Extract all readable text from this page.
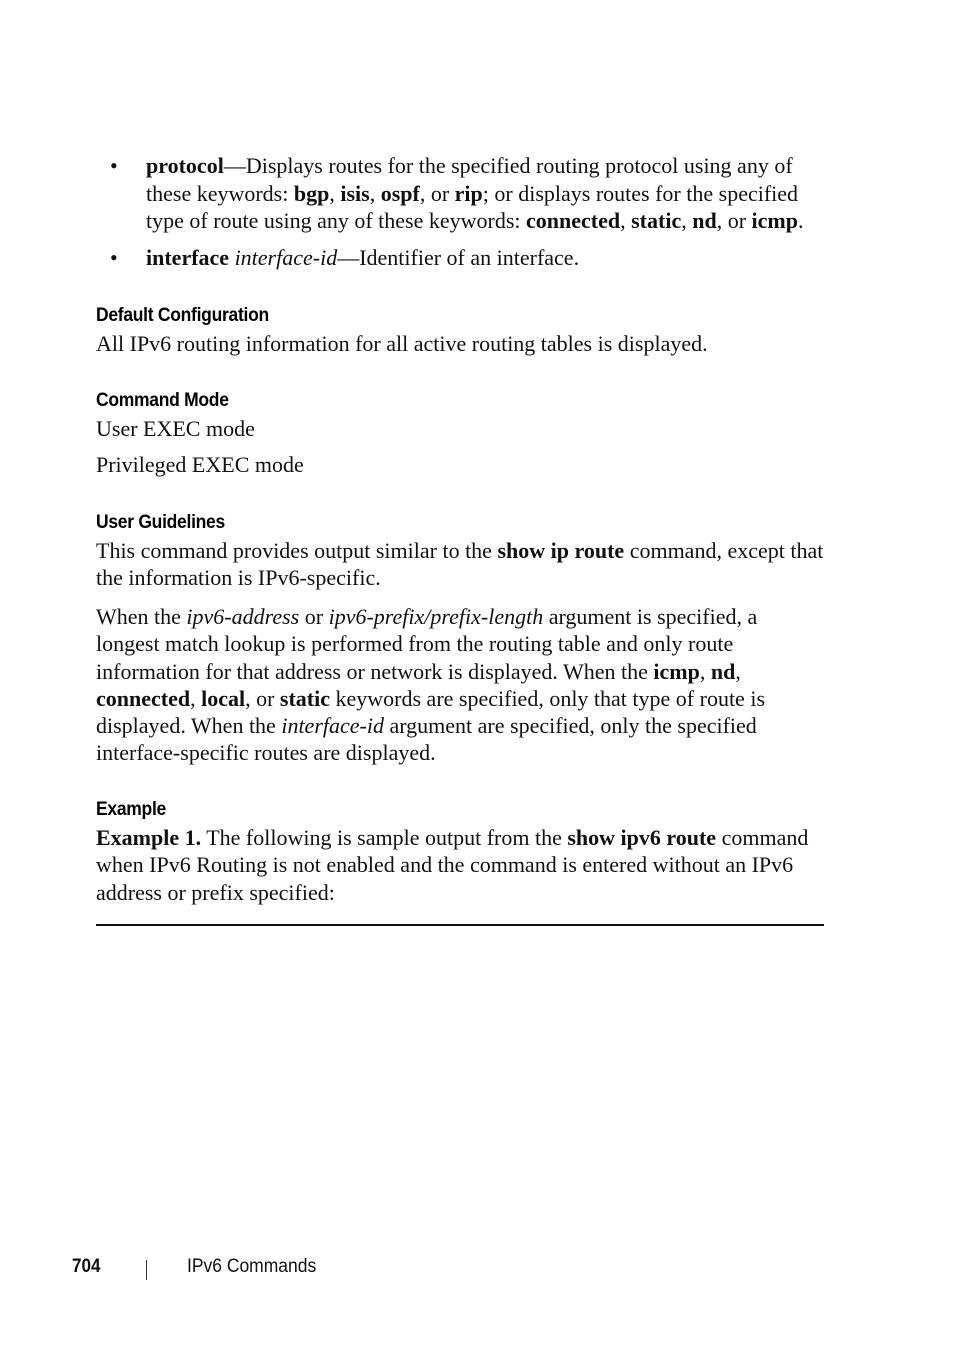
• protocol—Displays routes for the specified routing protocol using any of these keywords: bgp, isis, ospf, or rip; or displays routes for the specified type of route using any of these keywords: connected, static, nd, or icmp.
• interface interface-id—Identifier of an interface.
Default Configuration
All IPv6 routing information for all active routing tables is displayed.
Command Mode
User EXEC mode
Privileged EXEC mode
User Guidelines
This command provides output similar to the show ip route command, except that the information is IPv6-specific.
When the ipv6-address or ipv6-prefix/prefix-length argument is specified, a longest match lookup is performed from the routing table and only route information for that address or network is displayed. When the icmp, nd, connected, local, or static keywords are specified, only that type of route is displayed. When the interface-id argument are specified, only the specified interface-specific routes are displayed.
Example
Example 1. The following is sample output from the show ipv6 route command when IPv6 Routing is not enabled and the command is entered without an IPv6 address or prefix specified:
704	IPv6 Commands
